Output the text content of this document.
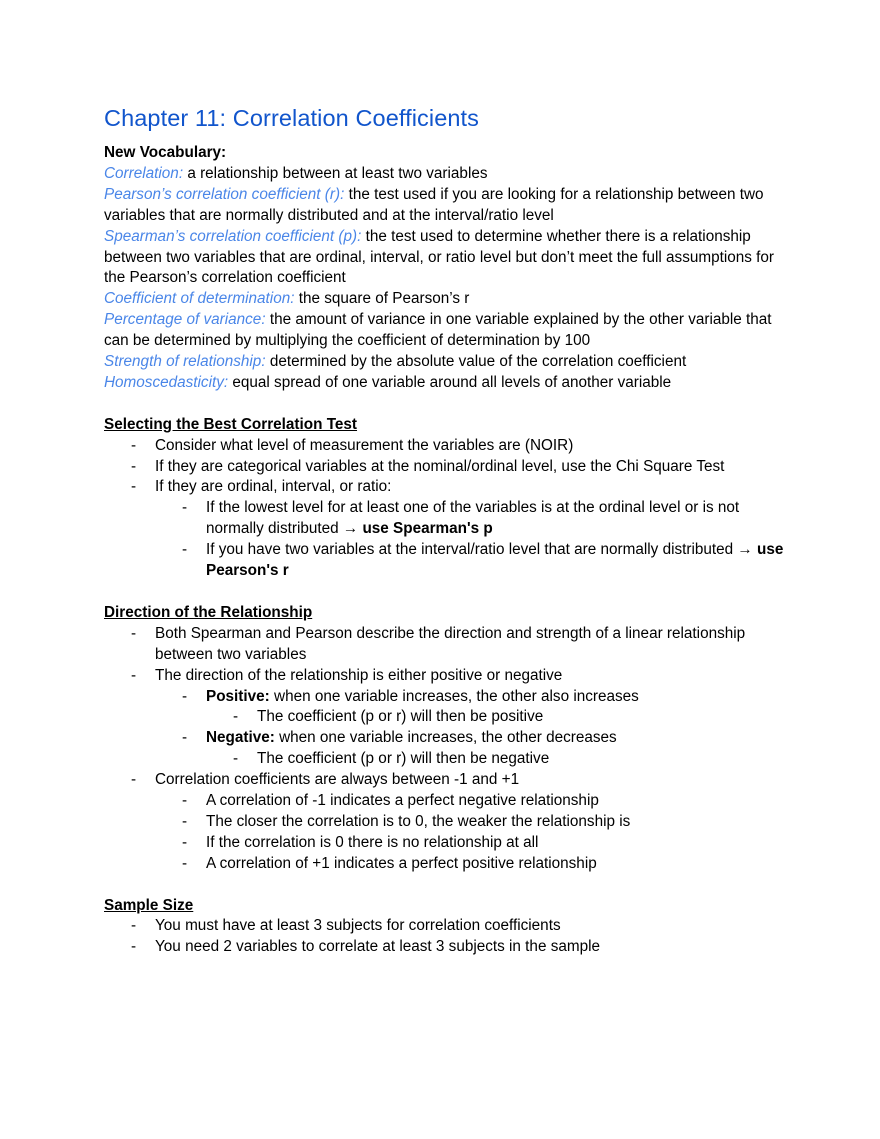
Chapter 11: Correlation Coefficients

New Vocabulary:

Correlation: a relationship between at least two variables

Pearson’s correlation coefficient (r): the test used if you are looking for a relationship between two variables that are normally distributed and at the interval/ratio level

Spearman’s correlation coefficient (p): the test used to determine whether there is a relationship between two variables that are ordinal, interval, or ratio level but don’t meet the full assumptions for the Pearson’s correlation coefficient

Coefficient of determination: the square of Pearson’s r

Percentage of variance: the amount of variance in one variable explained by the other variable that can be determined by multiplying the coefficient of determination by 100

Strength of relationship: determined by the absolute value of the correlation coefficient

Homoscedasticity: equal spread of one variable around all levels of another variable

Selecting the Best Correlation Test

- Consider what level of measurement the variables are (NOIR)
- If they are categorical variables at the nominal/ordinal level, use the Chi Square Test
- If they are ordinal, interval, or ratio:
- If the lowest level for at least one of the variables is at the ordinal level or is not normally distributed → use Spearman's p
- If you have two variables at the interval/ratio level that are normally distributed → use Pearson's r

Direction of the Relationship

- Both Spearman and Pearson describe the direction and strength of a linear relationship between two variables
- The direction of the relationship is either positive or negative
- Positive: when one variable increases, the other also increases
- The coefficient (p or r) will then be positive
- Negative: when one variable increases, the other decreases
- The coefficient (p or r) will then be negative
- Correlation coefficients are always between -1 and +1
- A correlation of -1 indicates a perfect negative relationship
- The closer the correlation is to 0, the weaker the relationship is
- If the correlation is 0 there is no relationship at all
- A correlation of +1 indicates a perfect positive relationship

Sample Size

- You must have at least 3 subjects for correlation coefficients
- You need 2 variables to correlate at least 3 subjects in the sample
